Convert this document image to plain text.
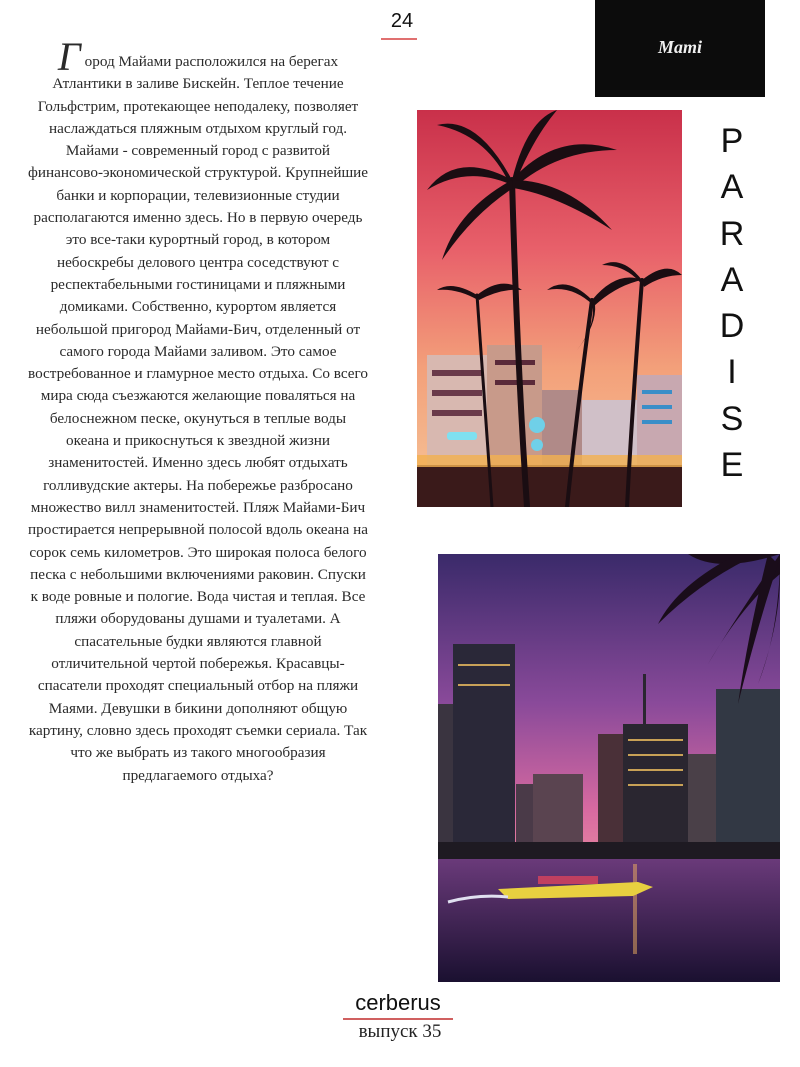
24
Mami
Город Майами расположился на берегах Атлантики в заливе Бискейн. Теплое течение Гольфстрим, протекающее неподалеку, позволяет наслаждаться пляжным отдыхом круглый год. Майами - современный город с развитой финансово-экономической структурой. Крупнейшие банки и корпорации, телевизионные студии располагаются именно здесь. Но в первую очередь это все-таки курортный город, в котором небоскребы делового центра соседствуют с респектабельными гостиницами и пляжными домиками. Собственно, курортом является небольшой пригород Майами-Бич, отделенный от самого города Майами заливом. Это самое востребованное и гламурное место отдыха. Со всего мира сюда съезжаются желающие поваляться на белоснежном песке, окунуться в теплые воды океана и прикоснуться к звездной жизни знаменитостей. Именно здесь любят отдыхать голливудские актеры. На побережье разбросано множество вилл знаменитостей. Пляж Майами-Бич простирается непрерывной полосой вдоль океана на сорок семь километров. Это широкая полоса белого песка с небольшими включениями раковин. Спуски к воде ровные и пологие. Вода чистая и теплая. Все пляжи оборудованы душами и туалетами. А спасательные будки являются главной отличительной чертой побережья. Красавцы-спасатели проходят специальный отбор на пляжи Маями. Девушки в бикини дополняют общую картину, словно здесь проходят съемки сериала. Так что же выбрать из такого многообразия предлагаемого отдыха?
P
A
R
A
D
I
S
E
cerberus
выпуск 35
